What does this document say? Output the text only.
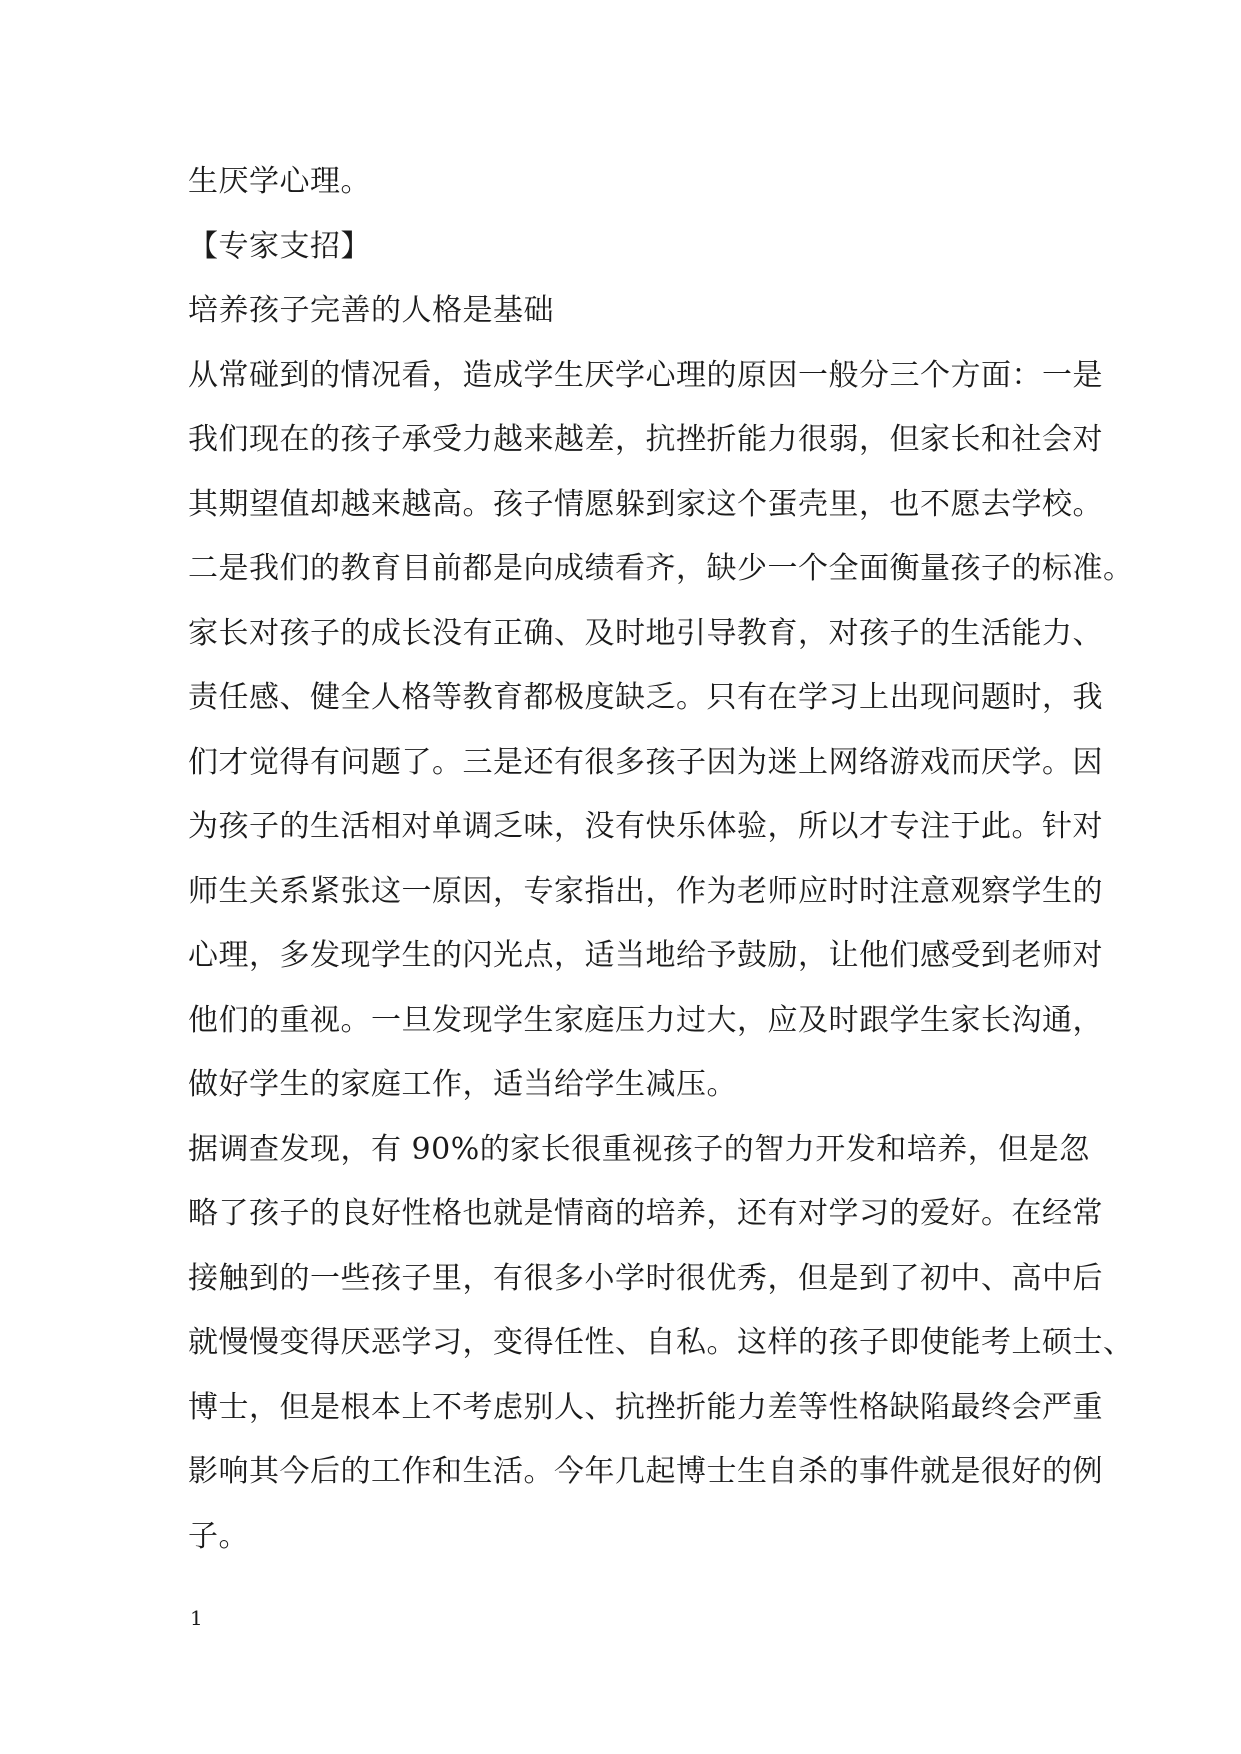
生厌学心理。
【专家支招】
培养孩子完善的人格是基础
从常碰到的情况看，造成学生厌学心理的原因一般分三个方面：一是
我们现在的孩子承受力越来越差，抗挫折能力很弱，但家长和社会对
其期望值却越来越高。孩子情愿躲到家这个蛋壳里，也不愿去学校。
二是我们的教育目前都是向成绩看齐，缺少一个全面衡量孩子的标准。
家长对孩子的成长没有正确、及时地引导教育，对孩子的生活能力、
责任感、健全人格等教育都极度缺乏。只有在学习上出现问题时，我
们才觉得有问题了。三是还有很多孩子因为迷上网络游戏而厌学。因
为孩子的生活相对单调乏味，没有快乐体验，所以才专注于此。针对
师生关系紧张这一原因，专家指出，作为老师应时时注意观察学生的
心理，多发现学生的闪光点，适当地给予鼓励，让他们感受到老师对
他们的重视。一旦发现学生家庭压力过大，应及时跟学生家长沟通，
做好学生的家庭工作，适当给学生减压。
据调查发现，有 90%的家长很重视孩子的智力开发和培养，但是忽
略了孩子的良好性格也就是情商的培养，还有对学习的爱好。在经常
接触到的一些孩子里，有很多小学时很优秀，但是到了初中、高中后
就慢慢变得厌恶学习，变得任性、自私。这样的孩子即使能考上硕士、
博士，但是根本上不考虑别人、抗挫折能力差等性格缺陷最终会严重
影响其今后的工作和生活。今年几起博士生自杀的事件就是很好的例
子。
1
